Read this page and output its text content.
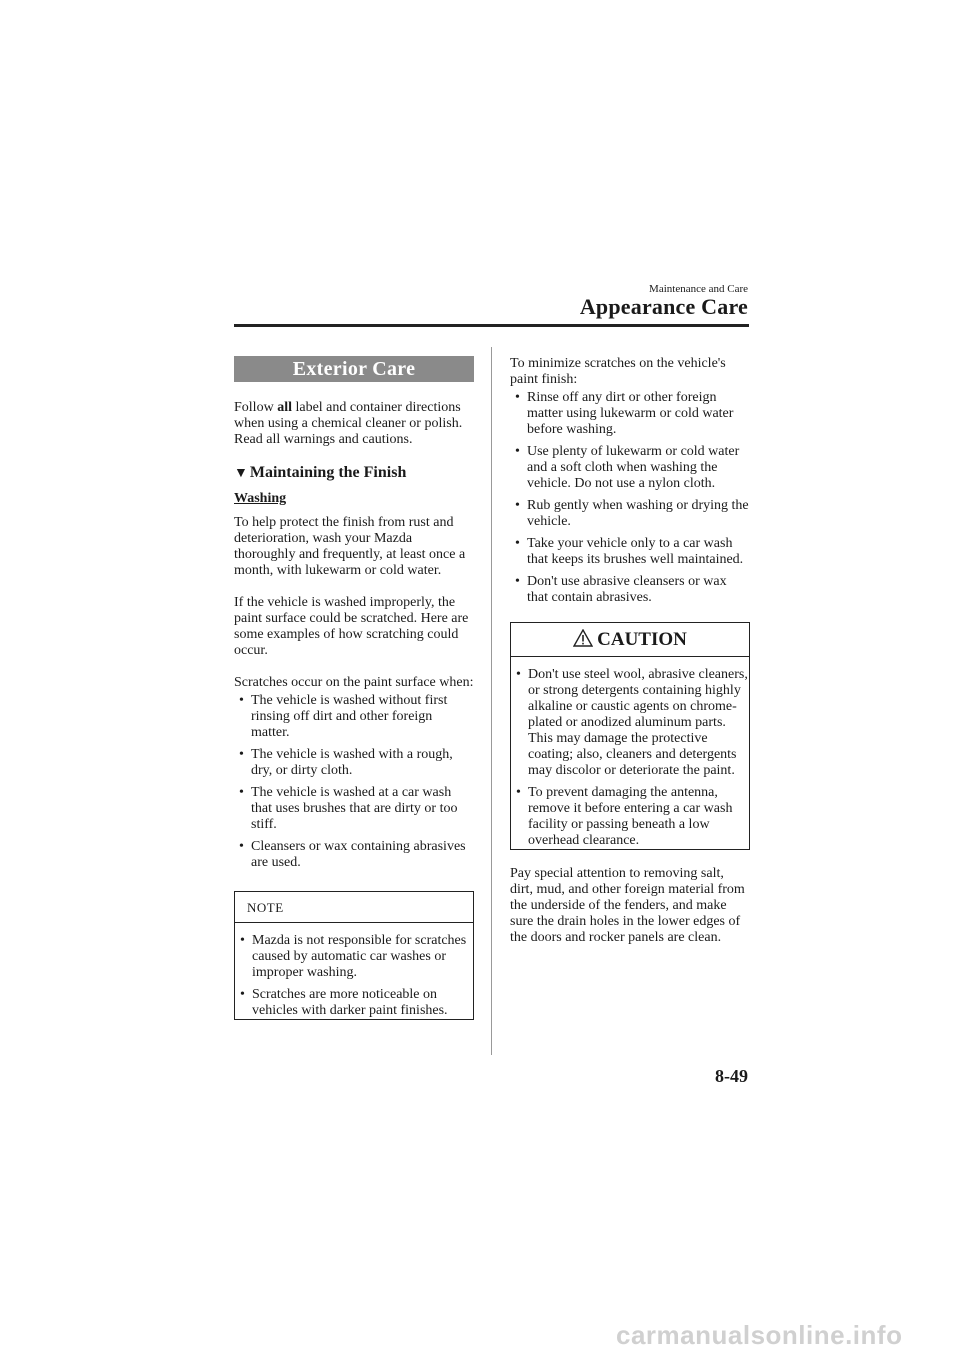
Maintenance and Care
Appearance Care
Exterior Care

Follow all label and container directions when using a chemical cleaner or polish. Read all warnings and cautions.

▼ Maintaining the Finish
Washing

To help protect the finish from rust and deterioration, wash your Mazda thoroughly and frequently, at least once a month, with lukewarm or cold water.

If the vehicle is washed improperly, the paint surface could be scratched. Here are some examples of how scratching could occur.

Scratches occur on the paint surface when:

• The vehicle is washed without first rinsing off dirt and other foreign matter.
• The vehicle is washed with a rough, dry, or dirty cloth.
• The vehicle is washed at a car wash that uses brushes that are dirty or too stiff.
• Cleansers or wax containing abrasives are used.
NOTE
• Mazda is not responsible for scratches caused by automatic car washes or improper washing.
• Scratches are more noticeable on vehicles with darker paint finishes.

To minimize scratches on the vehicle's paint finish:

• Rinse off any dirt or other foreign matter using lukewarm or cold water before washing.
• Use plenty of lukewarm or cold water and a soft cloth when washing the vehicle. Do not use a nylon cloth.
• Rub gently when washing or drying the vehicle.
• Take your vehicle only to a car wash that keeps its brushes well maintained.
• Don't use abrasive cleansers or wax that contain abrasives.
CAUTION
• Don't use steel wool, abrasive cleaners, or strong detergents containing highly alkaline or caustic agents on chrome-plated or anodized aluminum parts. This may damage the protective coating; also, cleaners and detergents may discolor or deteriorate the paint.
• To prevent damaging the antenna, remove it before entering a car wash facility or passing beneath a low overhead clearance.

Pay special attention to removing salt, dirt, mud, and other foreign material from the underside of the fenders, and make sure the drain holes in the lower edges of the doors and rocker panels are clean.

8-49
carmanualsonline.info
